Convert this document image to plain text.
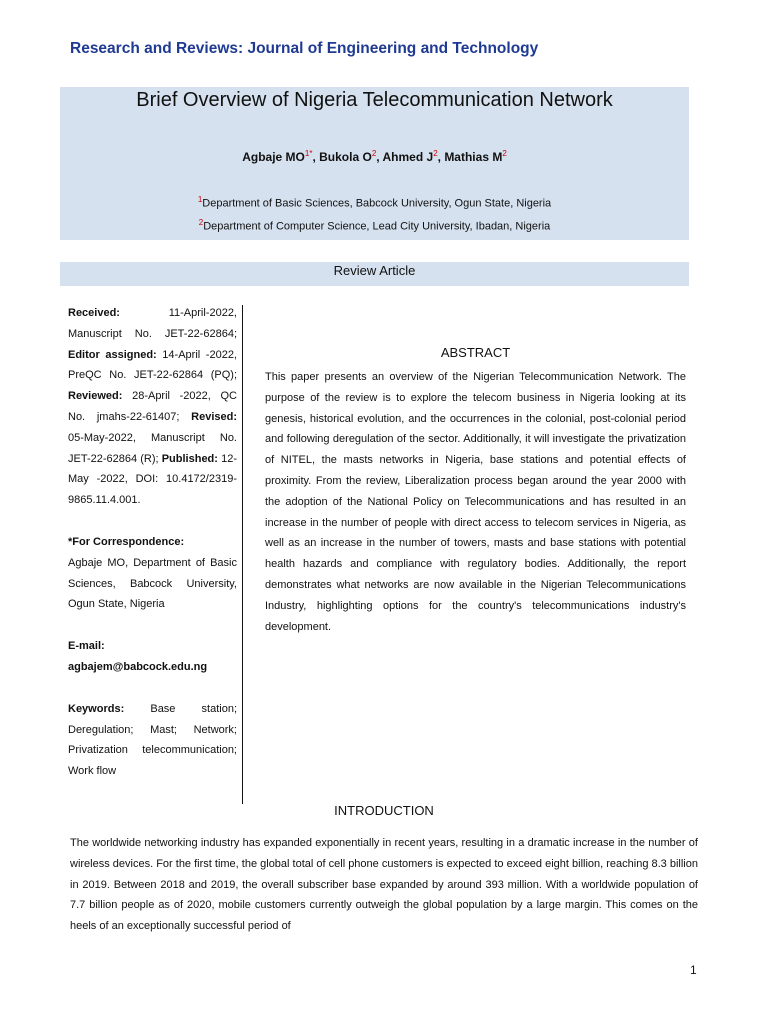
Research and Reviews: Journal of Engineering and Technology
Brief Overview of Nigeria Telecommunication Network
Agbaje $MO^{1*}$, Bukola $O^2$, Ahmed $J^2$, Mathias $M^2$
$^1$Department of Basic Sciences, Babcock University, Ogun State, Nigeria
$^2$Department of Computer Science, Lead City University, Ibadan, Nigeria
Review Article

Received: 11-April-2022, Manuscript No. JET-22-62864; Editor assigned: 14-April -2022, PreQC No. JET-22-62864 (PQ); Reviewed: 28-April -2022, QC No. jmahs-22-61407; Revised: 05-May-2022, Manuscript No. JET-22-62864 (R); Published: 12-May -2022, DOI: 10.4172/2319-9865.11.4.001.

*For Correspondence:
Agbaje MO, Department of Basic Sciences, Babcock University, Ogun State, Nigeria

E-mail:
agbajem@babcock.edu.ng

Keywords: Base station; Deregulation; Mast; Network; Privatization telecommunication; Work flow

ABSTRACT

This paper presents an overview of the Nigerian Telecommunication Network. The purpose of the review is to explore the telecom business in Nigeria looking at its genesis, historical evolution, and the occurrences in the colonial, post-colonial period and following deregulation of the sector. Additionally, it will investigate the privatization of NITEL, the masts networks in Nigeria, base stations and potential effects of proximity. From the review, Liberalization process began around the year 2000 with the adoption of the National Policy on Telecommunications and has resulted in an increase in the number of people with direct access to telecom services in Nigeria, as well as an increase in the number of towers, masts and base stations with potential health hazards and compliance with regulatory bodies. Additionally, the report demonstrates what networks are now available in the Nigerian Telecommunications Industry, highlighting options for the country's telecommunications industry's development.

INTRODUCTION

The worldwide networking industry has expanded exponentially in recent years, resulting in a dramatic increase in the number of wireless devices. For the first time, the global total of cell phone customers is expected to exceed eight billion, reaching 8.3 billion in 2019. Between 2018 and 2019, the overall subscriber base expanded by around 393 million. With a worldwide population of 7.7 billion people as of 2020, mobile customers currently outweigh the global population by a large margin. This comes on the heels of an exceptionally successful period of

1
